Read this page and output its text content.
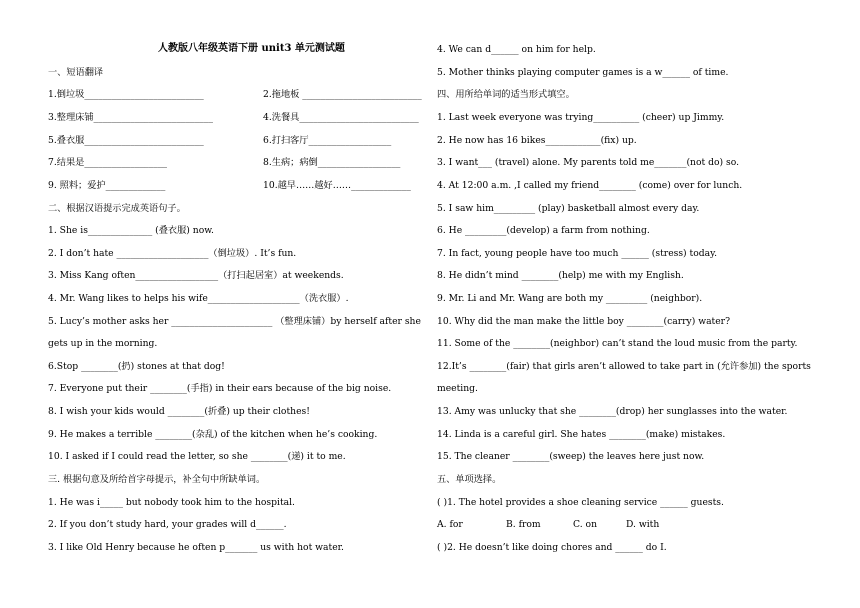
人教版八年级英语下册 unit3 单元测试题
一、短语翻译
1.倒垃圾__________________________	2.拖地板 __________________________
3.整理床铺__________________________	4.洗餐具__________________________
5.叠衣服__________________________	6.打扫客厅__________________
7.结果是__________________	8.生病；病倒__________________
9. 照料；爱护_____________	10.越早……越好……_____________
二、根据汉语提示完成英语句子。
1. She is______________ (叠衣服) now.
2. I don’t hate ____________________（倒垃圾）. It’s fun.
3. Miss Kang often__________________（打扫起居室）at weekends.
4. Mr. Wang likes to helps his wife____________________（洗衣服）.
5. Lucy’s mother asks her ______________________ （整理床铺）by herself after she
gets up in the morning.
6.Stop ________(扔) stones at that dog!
7. Everyone put their ________(手指) in their ears because of the big noise.
8. I wish your kids would ________(折叠) up their clothes!
9. He makes a terrible ________(杂乱) of the kitchen when he’s cooking.
10. I asked if I could read the letter, so she ________(递) it to me.
三. 根据句意及所给首字母提示，补全句中所缺单词。
1. He was i_____ but nobody took him to the hospital.
2. If you don’t study hard, your grades will d______.
3. I like Old Henry because he often p_______ us with hot water.
4. We can d______ on him for help.
5. Mother thinks playing computer games is a w______ of time.
四、用所给单词的适当形式填空。
1. Last week everyone was trying__________ (cheer) up Jimmy.
2. He now has 16 bikes____________(fix) up.
3. I want___ (travel) alone. My parents told me_______(not do) so.
4. At 12:00 a.m. ,I called my friend________ (come) over for lunch.
5. I saw him_________ (play) basketball almost every day.
6. He _________(develop) a farm from nothing.
7. In fact, young people have too much ______ (stress) today.
8. He didn’t mind ________(help) me with my English.
9. Mr. Li and Mr. Wang are both my _________ (neighbor).
10. Why did the man make the little boy ________(carry) water?
11. Some of the ________(neighbor) can’t stand the loud music from the party.
12.It’s ________(fair) that girls aren’t allowed to take part in (允许参加) the sports
meeting.
13. Amy was unlucky that she ________(drop) her sunglasses into the water.
14. Linda is a careful girl. She hates ________(make) mistakes.
15. The cleaner ________(sweep) the leaves here just now.
五、单项选择。
( )1. The hotel provides a shoe cleaning service ______ guests.
A. for	B. from	C. on	D. with
( )2. He doesn’t like doing chores and ______ do I.
